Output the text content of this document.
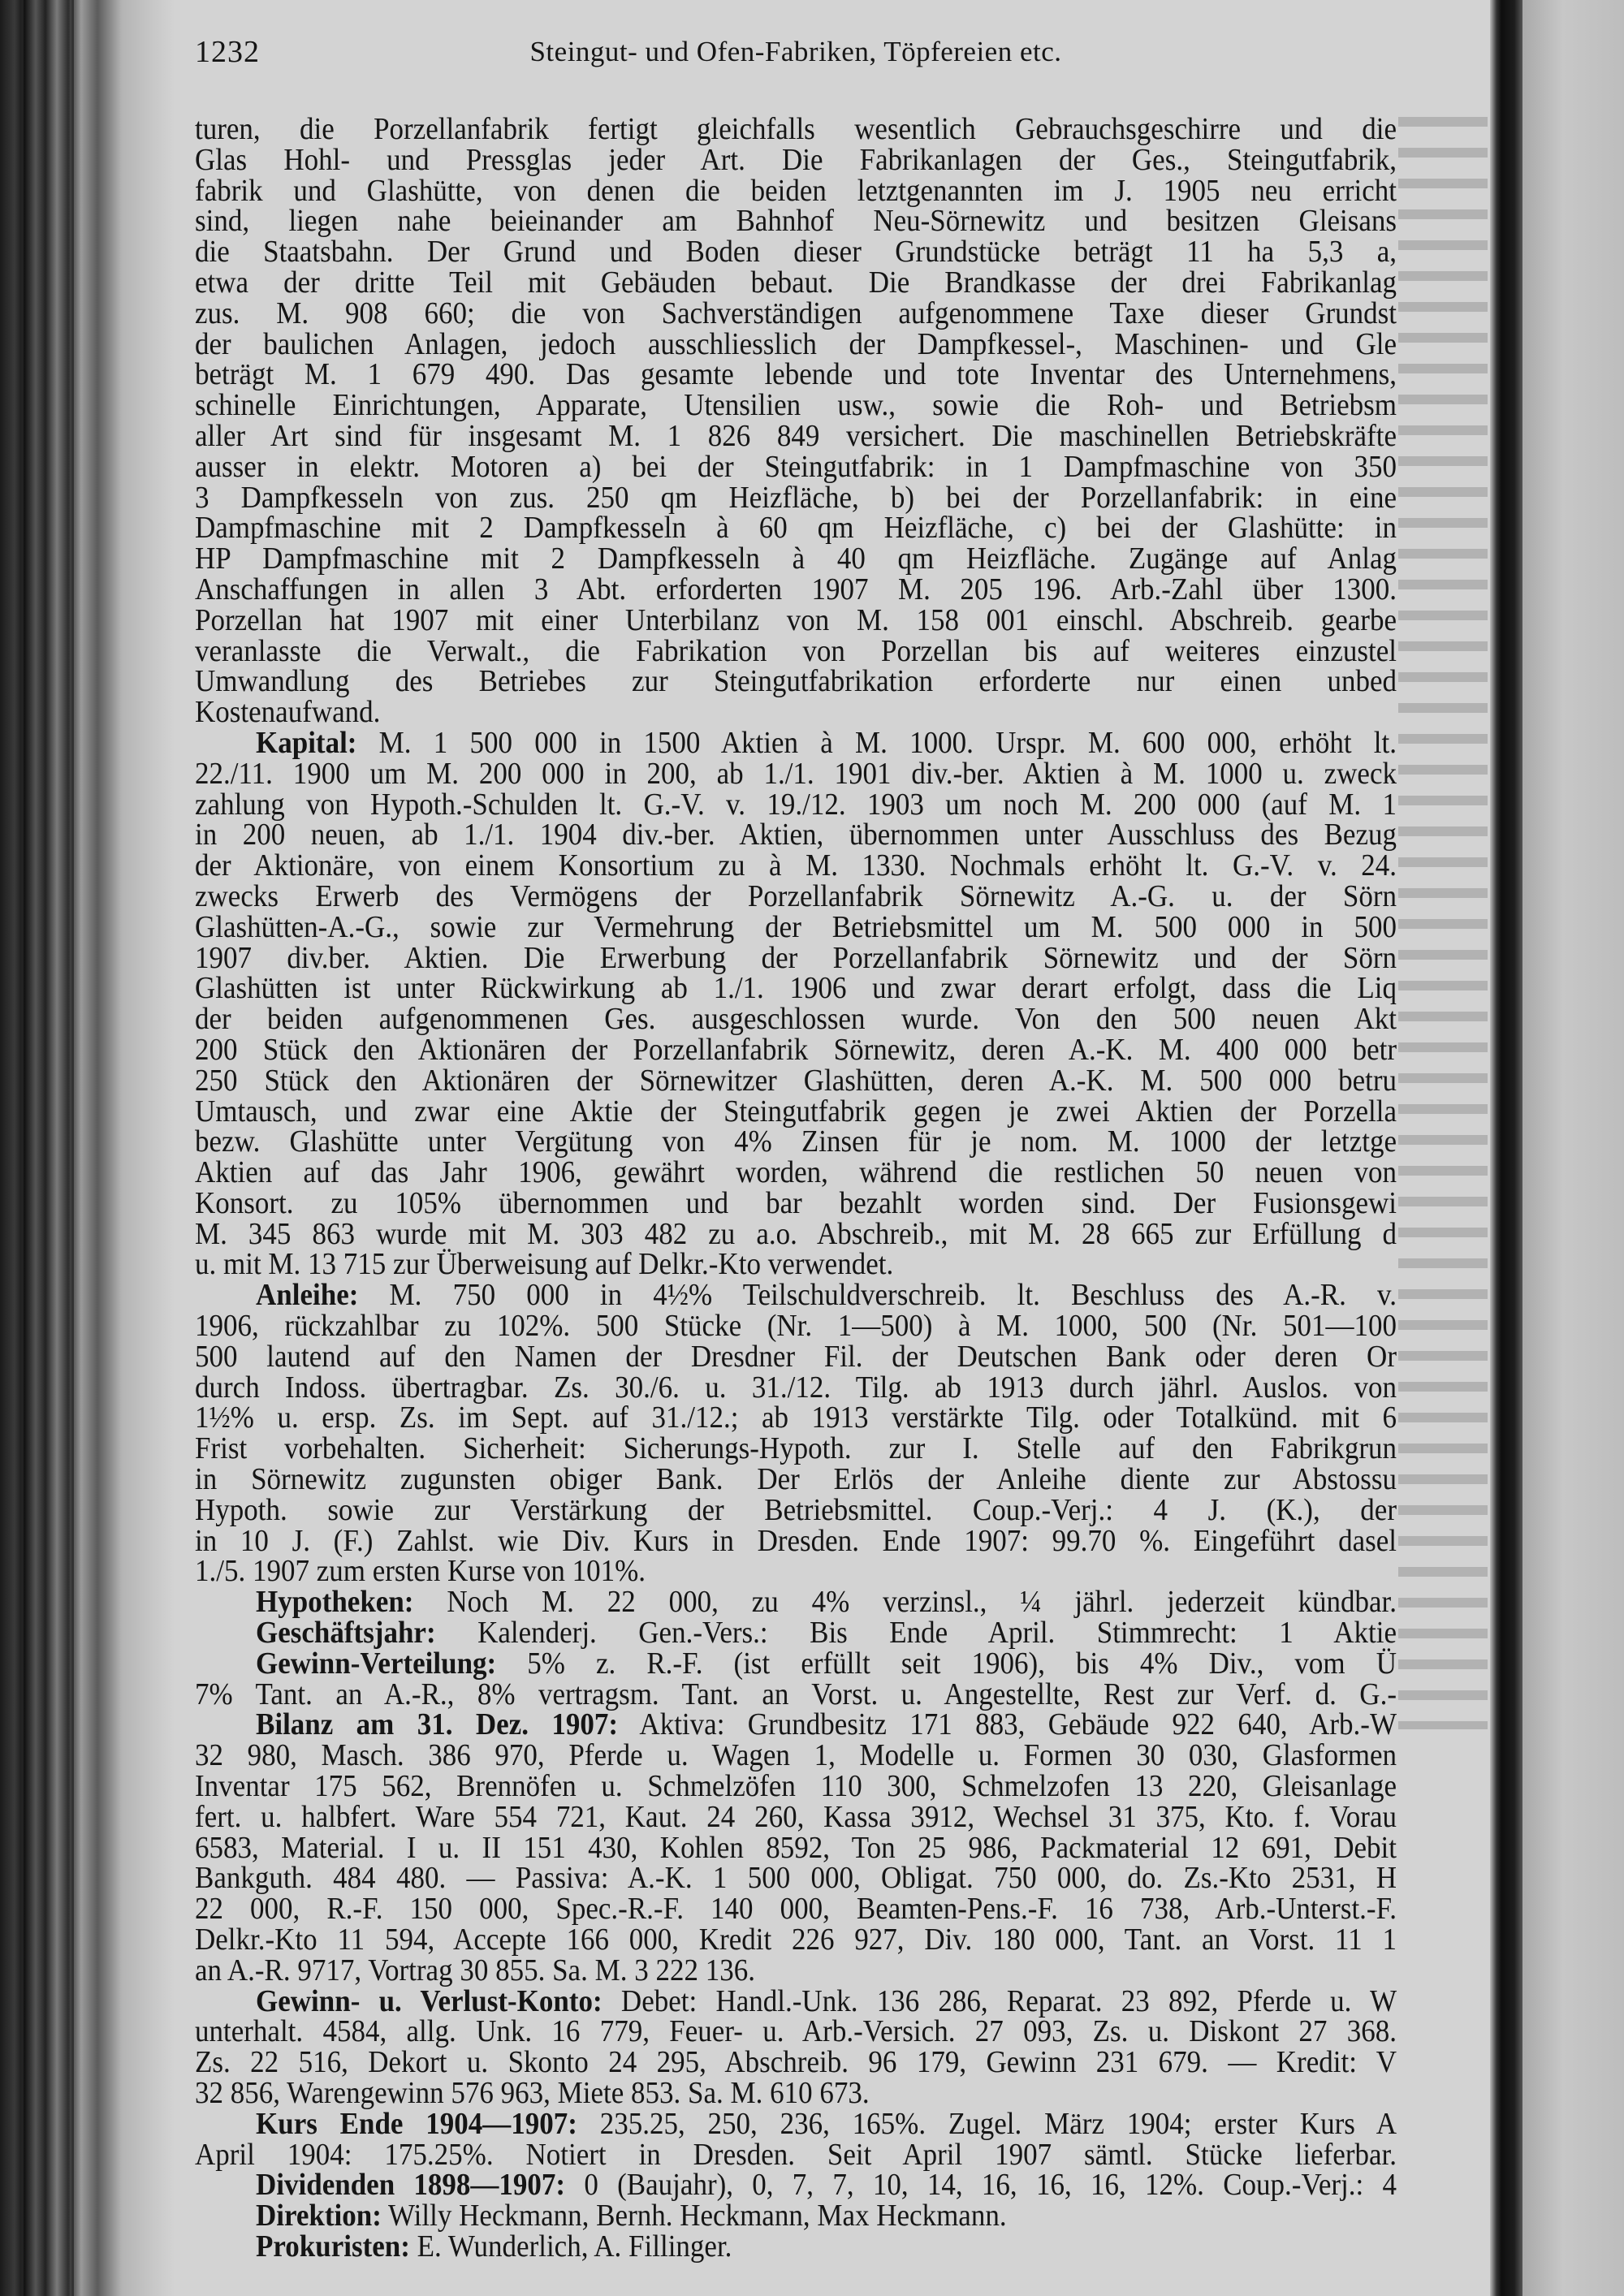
1232	Steingut- und Ofen-Fabriken, Töpfereien etc.
turen, die Porzellanfabrik fertigt gleichfalls wesentlich Gebrauchsgeschirre und die
Glas Hohl- und Pressglas jeder Art. Die Fabrikanlagen der Ges., Steingutfabrik,
fabrik und Glashütte, von denen die beiden letztgenannten im J. 1905 neu erricht
sind, liegen nahe beieinander am Bahnhof Neu-Sörnewitz und besitzen Gleisans
die Staatsbahn. Der Grund und Boden dieser Grundstücke beträgt 11 ha 5,3 a,
etwa der dritte Teil mit Gebäuden bebaut. Die Brandkasse der drei Fabrikanlag
zus. M. 908 660; die von Sachverständigen aufgenommene Taxe dieser Grundst
der baulichen Anlagen, jedoch ausschliesslich der Dampfkessel-, Maschinen- und Gle
beträgt M. 1 679 490. Das gesamte lebende und tote Inventar des Unternehmens,
schinelle Einrichtungen, Apparate, Utensilien usw., sowie die Roh- und Betriebsm
aller Art sind für insgesamt M. 1 826 849 versichert. Die maschinellen Betriebskräfte
ausser in elektr. Motoren a) bei der Steingutfabrik: in 1 Dampfmaschine von 350
3 Dampfkesseln von zus. 250 qm Heizfläche, b) bei der Porzellanfabrik: in eine
Dampfmaschine mit 2 Dampfkesseln à 60 qm Heizfläche, c) bei der Glashütte: in
HP Dampfmaschine mit 2 Dampfkesseln à 40 qm Heizfläche. Zugänge auf Anlag
Anschaffungen in allen 3 Abt. erforderten 1907 M. 205 196. Arb.-Zahl über 1300.
Porzellan hat 1907 mit einer Unterbilanz von M. 158 001 einschl. Abschreib. gearbe
veranlasste die Verwalt., die Fabrikation von Porzellan bis auf weiteres einzustel
Umwandlung des Betriebes zur Steingutfabrikation erforderte nur einen unbed
Kostenaufwand.
Kapital: M. 1 500 000 in 1500 Aktien à M. 1000. Urspr. M. 600 000, erhöht lt.
22./11. 1900 um M. 200 000 in 200, ab 1./1. 1901 div.-ber. Aktien à M. 1000 u. zweck
zahlung von Hypoth.-Schulden lt. G.-V. v. 19./12. 1903 um noch M. 200 000 (auf M. 1
in 200 neuen, ab 1./1. 1904 div.-ber. Aktien, übernommen unter Ausschluss des Bezug
der Aktionäre, von einem Konsortium zu à M. 1330. Nochmals erhöht lt. G.-V. v. 24.
zwecks Erwerb des Vermögens der Porzellanfabrik Sörnewitz A.-G. u. der Sörn
Glashütten-A.-G., sowie zur Vermehrung der Betriebsmittel um M. 500 000 in 500
1907 div.ber. Aktien. Die Erwerbung der Porzellanfabrik Sörnewitz und der Sörn
Glashütten ist unter Rückwirkung ab 1./1. 1906 und zwar derart erfolgt, dass die Liq
der beiden aufgenommenen Ges. ausgeschlossen wurde. Von den 500 neuen Akt
200 Stück den Aktionären der Porzellanfabrik Sörnewitz, deren A.-K. M. 400 000 betr
250 Stück den Aktionären der Sörnewitzer Glashütten, deren A.-K. M. 500 000 betru
Umtausch, und zwar eine Aktie der Steingutfabrik gegen je zwei Aktien der Porzella
bezw. Glashütte unter Vergütung von 4% Zinsen für je nom. M. 1000 der letztge
Aktien auf das Jahr 1906, gewährt worden, während die restlichen 50 neuen von
Konsort. zu 105% übernommen und bar bezahlt worden sind. Der Fusionsgewi
M. 345 863 wurde mit M. 303 482 zu a.o. Abschreib., mit M. 28 665 zur Erfüllung d
u. mit M. 13 715 zur Überweisung auf Delkr.-Kto verwendet.
Anleihe: M. 750 000 in 4½% Teilschuldverschreib. lt. Beschluss des A.-R. v.
1906, rückzahlbar zu 102%. 500 Stücke (Nr. 1—500) à M. 1000, 500 (Nr. 501—100
500 lautend auf den Namen der Dresdner Fil. der Deutschen Bank oder deren Or
durch Indoss. übertragbar. Zs. 30./6. u. 31./12. Tilg. ab 1913 durch jährl. Auslos. von
1½% u. ersp. Zs. im Sept. auf 31./12.; ab 1913 verstärkte Tilg. oder Totalkünd. mit 6
Frist vorbehalten. Sicherheit: Sicherungs-Hypoth. zur I. Stelle auf den Fabrikgrun
in Sörnewitz zugunsten obiger Bank. Der Erlös der Anleihe diente zur Abstossu
Hypoth. sowie zur Verstärkung der Betriebsmittel. Coup.-Verj.: 4 J. (K.), der
in 10 J. (F.) Zahlst. wie Div. Kurs in Dresden. Ende 1907: 99.70 %. Eingeführt dasel
1./5. 1907 zum ersten Kurse von 101%.
Hypotheken: Noch M. 22 000, zu 4% verzinsl., ¼ jährl. jederzeit kündbar.
Geschäftsjahr: Kalenderj. Gen.-Vers.: Bis Ende April. Stimmrecht: 1 Aktie
Gewinn-Verteilung: 5% z. R.-F. (ist erfüllt seit 1906), bis 4% Div., vom Ü
7% Tant. an A.-R., 8% vertragsm. Tant. an Vorst. u. Angestellte, Rest zur Verf. d. G.-
Bilanz am 31. Dez. 1907: Aktiva: Grundbesitz 171 883, Gebäude 922 640, Arb.-W
32 980, Masch. 386 970, Pferde u. Wagen 1, Modelle u. Formen 30 030, Glasformen
Inventar 175 562, Brennöfen u. Schmelzöfen 110 300, Schmelzofen 13 220, Gleisanlage
fert. u. halbfert. Ware 554 721, Kaut. 24 260, Kassa 3912, Wechsel 31 375, Kto. f. Vorau
6583, Material. I u. II 151 430, Kohlen 8592, Ton 25 986, Packmaterial 12 691, Debit
Bankguth. 484 480. — Passiva: A.-K. 1 500 000, Obligat. 750 000, do. Zs.-Kto 2531, H
22 000, R.-F. 150 000, Spec.-R.-F. 140 000, Beamten-Pens.-F. 16 738, Arb.-Unterst.-F.
Delkr.-Kto 11 594, Accepte 166 000, Kredit 226 927, Div. 180 000, Tant. an Vorst. 11 1
an A.-R. 9717, Vortrag 30 855. Sa. M. 3 222 136.
Gewinn- u. Verlust-Konto: Debet: Handl.-Unk. 136 286, Reparat. 23 892, Pferde u. W
unterhalt. 4584, allg. Unk. 16 779, Feuer- u. Arb.-Versich. 27 093, Zs. u. Diskont 27 368.
Zs. 22 516, Dekort u. Skonto 24 295, Abschreib. 96 179, Gewinn 231 679. — Kredit: V
32 856, Warengewinn 576 963, Miete 853. Sa. M. 610 673.
Kurs Ende 1904—1907: 235.25, 250, 236, 165%. Zugel. März 1904; erster Kurs A
April 1904: 175.25%. Notiert in Dresden. Seit April 1907 sämtl. Stücke lieferbar.
Dividenden 1898—1907: 0 (Baujahr), 0, 7, 7, 10, 14, 16, 16, 16, 12%. Coup.-Verj.: 4
Direktion: Willy Heckmann, Bernh. Heckmann, Max Heckmann.
Prokuristen: E. Wunderlich, A. Fillinger.
